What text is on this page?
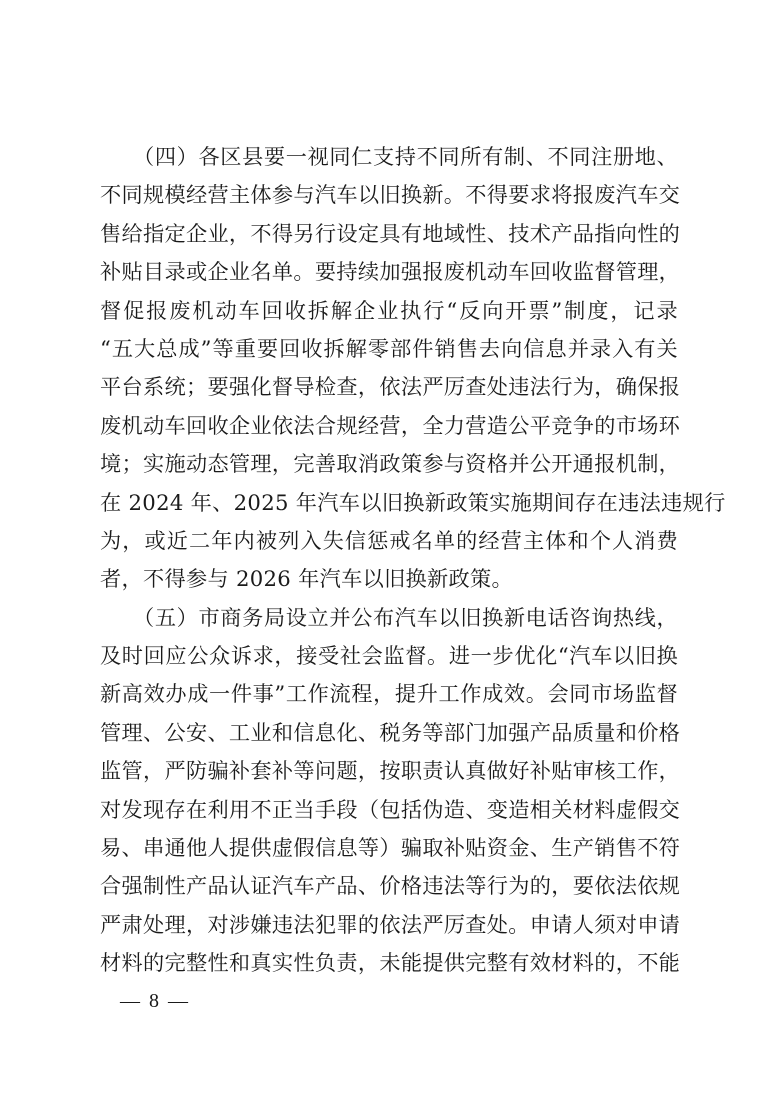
　　（四）各区县要一视同仁支持不同所有制、不同注册地、
不同规模经营主体参与汽车以旧换新。不得要求将报废汽车交
售给指定企业，不得另行设定具有地域性、技术产品指向性的
补贴目录或企业名单。要持续加强报废机动车回收监督管理，
督促报废机动车回收拆解企业执行“反向开票”制度，记录
“五大总成”等重要回收拆解零部件销售去向信息并录入有关
平台系统；要强化督导检查，依法严厉查处违法行为，确保报
废机动车回收企业依法合规经营，全力营造公平竞争的市场环
境；实施动态管理，完善取消政策参与资格并公开通报机制，
在 2024 年、2025 年汽车以旧换新政策实施期间存在违法违规行
为，或近二年内被列入失信惩戒名单的经营主体和个人消费
者，不得参与 2026 年汽车以旧换新政策。
　　（五）市商务局设立并公布汽车以旧换新电话咨询热线，
及时回应公众诉求，接受社会监督。进一步优化“汽车以旧换
新高效办成一件事”工作流程，提升工作成效。会同市场监督
管理、公安、工业和信息化、税务等部门加强产品质量和价格
监管，严防骗补套补等问题，按职责认真做好补贴审核工作，
对发现存在利用不正当手段（包括伪造、变造相关材料虚假交
易、串通他人提供虚假信息等）骗取补贴资金、生产销售不符
合强制性产品认证汽车产品、价格违法等行为的，要依法依规
严肃处理，对涉嫌违法犯罪的依法严厉查处。申请人须对申请
材料的完整性和真实性负责，未能提供完整有效材料的，不能
— 8 —
